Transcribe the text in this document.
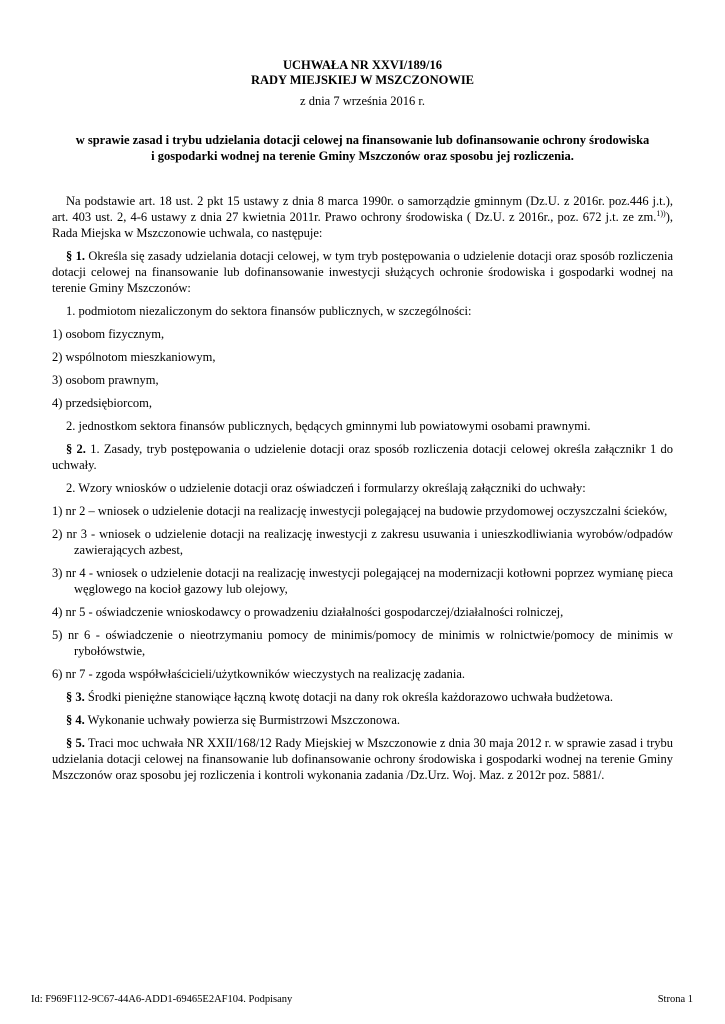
UCHWAŁA NR XXVI/189/16
RADY MIEJSKIEJ W MSZCZONOWIE
z dnia 7 września 2016 r.
w sprawie zasad i trybu udzielania dotacji celowej na finansowanie lub dofinansowanie ochrony środowiska
i gospodarki wodnej na terenie Gminy Mszczonów oraz sposobu jej rozliczenia.

Na podstawie art. 18 ust. 2 pkt 15 ustawy z dnia 8 marca 1990r. o samorządzie gminnym (Dz.U. z 2016r. poz.446 j.t.), art. 403 ust. 2, 4-6 ustawy z dnia 27 kwietnia 2011r. Prawo ochrony środowiska ( Dz.U. z 2016r., poz. 672 j.t. ze zm.$^{1))}$), Rada Miejska w Mszczonowie uchwala, co następuje:

§ 1. Określa się zasady udzielania dotacji celowej, w tym tryb postępowania o udzielenie dotacji oraz sposób rozliczenia dotacji celowej na finansowanie lub dofinansowanie inwestycji służących ochronie środowiska i gospodarki wodnej na terenie Gminy Mszczonów:

1. podmiotom niezaliczonym do sektora finansów publicznych, w szczególności:

1) osobom fizycznym,

2) wspólnotom mieszkaniowym,

3) osobom prawnym,

4) przedsiębiorcom,

2. jednostkom sektora finansów publicznych, będących gminnymi lub powiatowymi osobami prawnymi.

§ 2. 1. Zasady, tryb postępowania o udzielenie dotacji oraz sposób rozliczenia dotacji celowej określa załącznikr 1 do uchwały.

2. Wzory wniosków o udzielenie dotacji oraz oświadczeń i formularzy określają załączniki do uchwały:

1) nr 2 – wniosek o udzielenie dotacji na realizację inwestycji polegającej na budowie przydomowej oczyszczalni ścieków,

2) nr 3 - wniosek o udzielenie dotacji na realizację inwestycji z zakresu usuwania i unieszkodliwiania wyrobów/odpadów zawierających azbest,

3) nr 4 - wniosek o udzielenie dotacji na realizację inwestycji polegającej na modernizacji kotłowni poprzez wymianę pieca węglowego na kocioł gazowy lub olejowy,

4) nr 5 - oświadczenie wnioskodawcy o prowadzeniu działalności gospodarczej/działalności rolniczej,

5) nr 6 - oświadczenie o nieotrzymaniu pomocy de minimis/pomocy de minimis w rolnictwie/pomocy de minimis w rybołówstwie,

6) nr 7 - zgoda współwłaścicieli/użytkowników wieczystych na realizację zadania.

§ 3. Środki pieniężne stanowiące łączną kwotę dotacji na dany rok określa każdorazowo uchwała budżetowa.

§ 4. Wykonanie uchwały powierza się Burmistrzowi Mszczonowa.

§ 5. Traci moc uchwała NR XXII/168/12 Rady Miejskiej w Mszczonowie z dnia 30 maja 2012 r. w sprawie zasad i trybu udzielania dotacji celowej na finansowanie lub dofinansowanie ochrony środowiska i gospodarki wodnej na terenie Gminy Mszczonów oraz sposobu jej rozliczenia i kontroli wykonania zadania /Dz.Urz. Woj. Maz. z 2012r poz. 5881/.

Id: F969F112-9C67-44A6-ADD1-69465E2AF104. Podpisany	Strona 1
